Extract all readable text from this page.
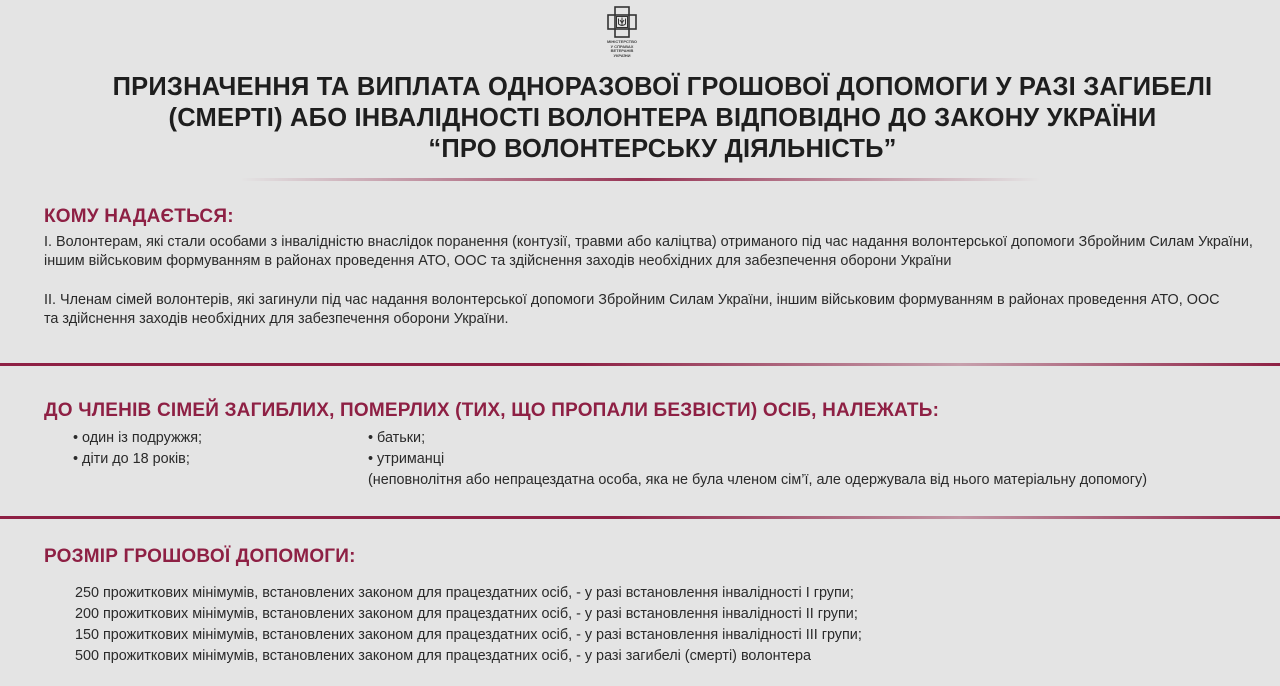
МІНІСТЕРСТВО
У СПРАВАХ
ВЕТЕРАНІВ
УКРАЇНИ
ПРИЗНАЧЕННЯ ТА ВИПЛАТА ОДНОРАЗОВОЇ ГРОШОВОЇ ДОПОМОГИ У РАЗІ ЗАГИБЕЛІ
(СМЕРТІ) АБО ІНВАЛІДНОСТІ ВОЛОНТЕРА ВІДПОВІДНО ДО ЗАКОНУ УКРАЇНИ
“ПРО ВОЛОНТЕРСЬКУ ДІЯЛЬНІСТЬ”
КОМУ НАДАЄТЬСЯ:
І. Волонтерам, які стали особами з інвалідністю внаслідок поранення (контузії, травми або каліцтва) отриманого під час надання волонтерської допомоги Збройним Силам України, іншим військовим формуванням в районах проведення АТО, ООС та здійснення заходів необхідних для забезпечення оборони України
ІІ. Членам сімей волонтерів, які загинули під час надання волонтерської допомоги Збройним Силам України, іншим військовим формуванням в районах проведення АТО, ООС та здійснення заходів необхідних для забезпечення оборони України.
ДО ЧЛЕНІВ СІМЕЙ ЗАГИБЛИХ, ПОМЕРЛИХ (ТИХ, ЩО ПРОПАЛИ БЕЗВІСТИ) ОСІБ, НАЛЕЖАТЬ:
• один із подружжя;
• діти до 18 років;
• батьки;
• утриманці
(неповнолітня або непрацездатна особа, яка не була членом сім’ї, але одержувала від нього матеріальну допомогу)
РОЗМІР ГРОШОВОЇ ДОПОМОГИ:
250 прожиткових мінімумів, встановлених законом для працездатних осіб, - у разі встановлення інвалідності I групи;
200 прожиткових мінімумів, встановлених законом для працездатних осіб, - у разі встановлення інвалідності II групи;
150 прожиткових мінімумів, встановлених законом для працездатних осіб, - у разі встановлення інвалідності III групи;
500 прожиткових мінімумів, встановлених законом для працездатних осіб, - у разі загибелі (смерті) волонтера
